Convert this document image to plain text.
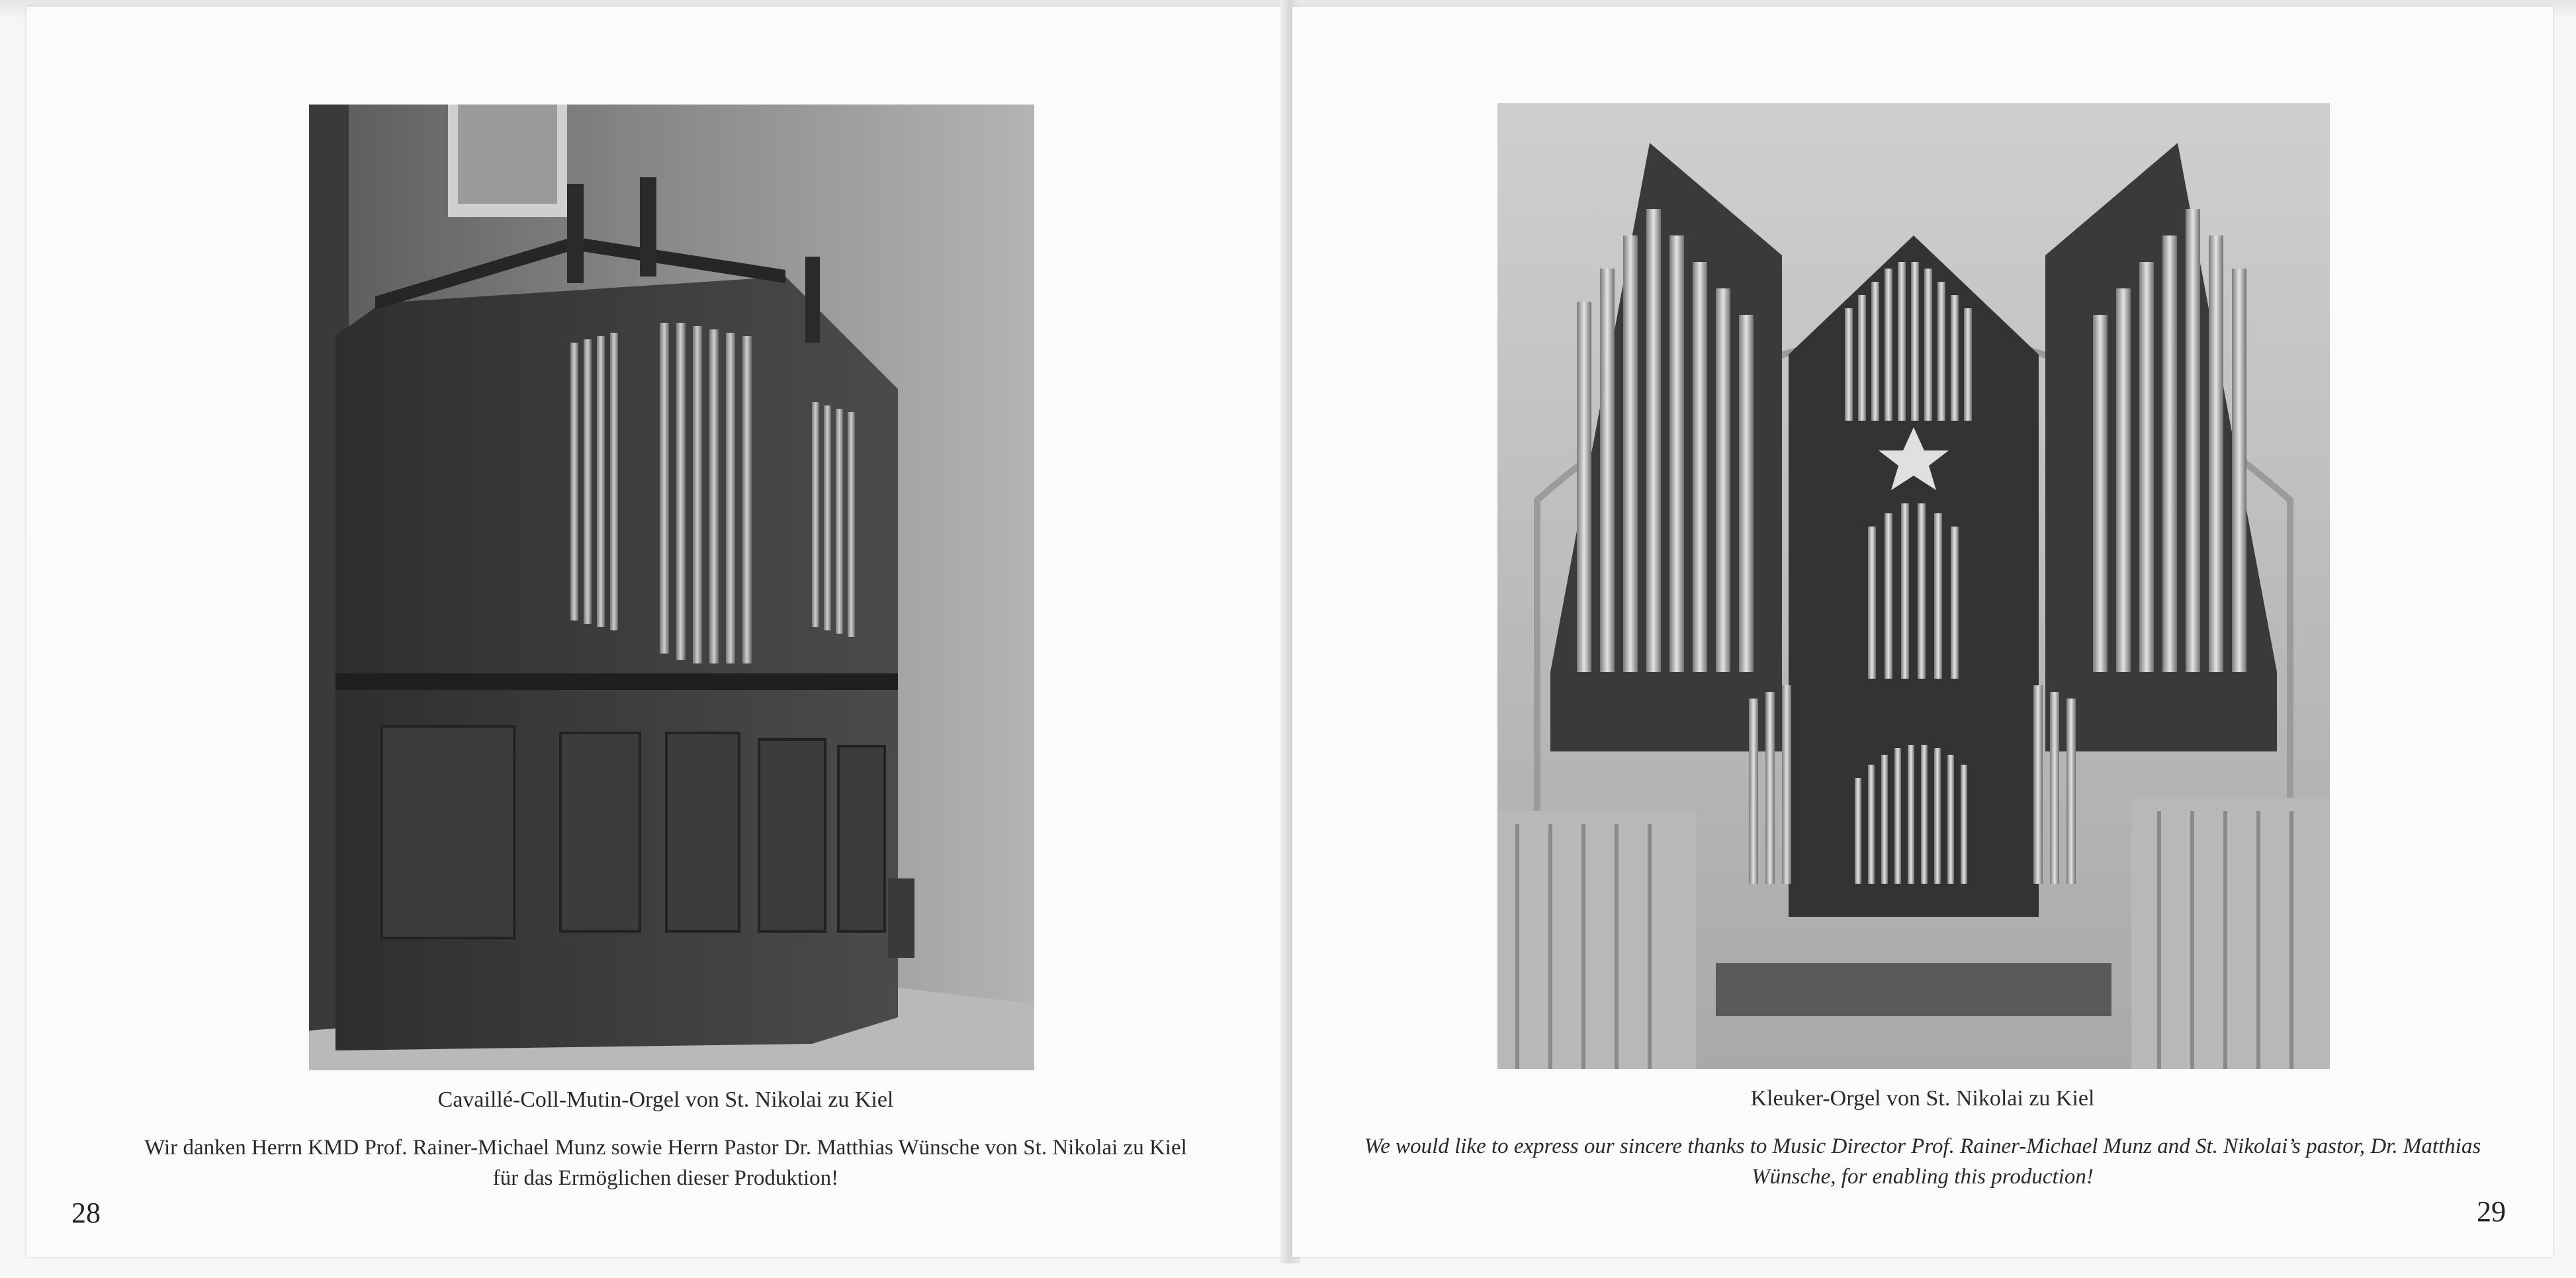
Cavaillé-Coll-Mutin-Orgel von St. Nikolai zu Kiel
Wir danken Herrn KMD Prof. Rainer-Michael Munz sowie Herrn Pastor Dr. Matthias Wünsche von St. Nikolai zu Kiel
für das Ermöglichen dieser Produktion!
28
Kleuker-Orgel von St. Nikolai zu Kiel
We would like to express our sincere thanks to Music Director Prof. Rainer-Michael Munz and St. Nikolai’s pastor, Dr. Matthias
Wünsche, for enabling this production!
29
